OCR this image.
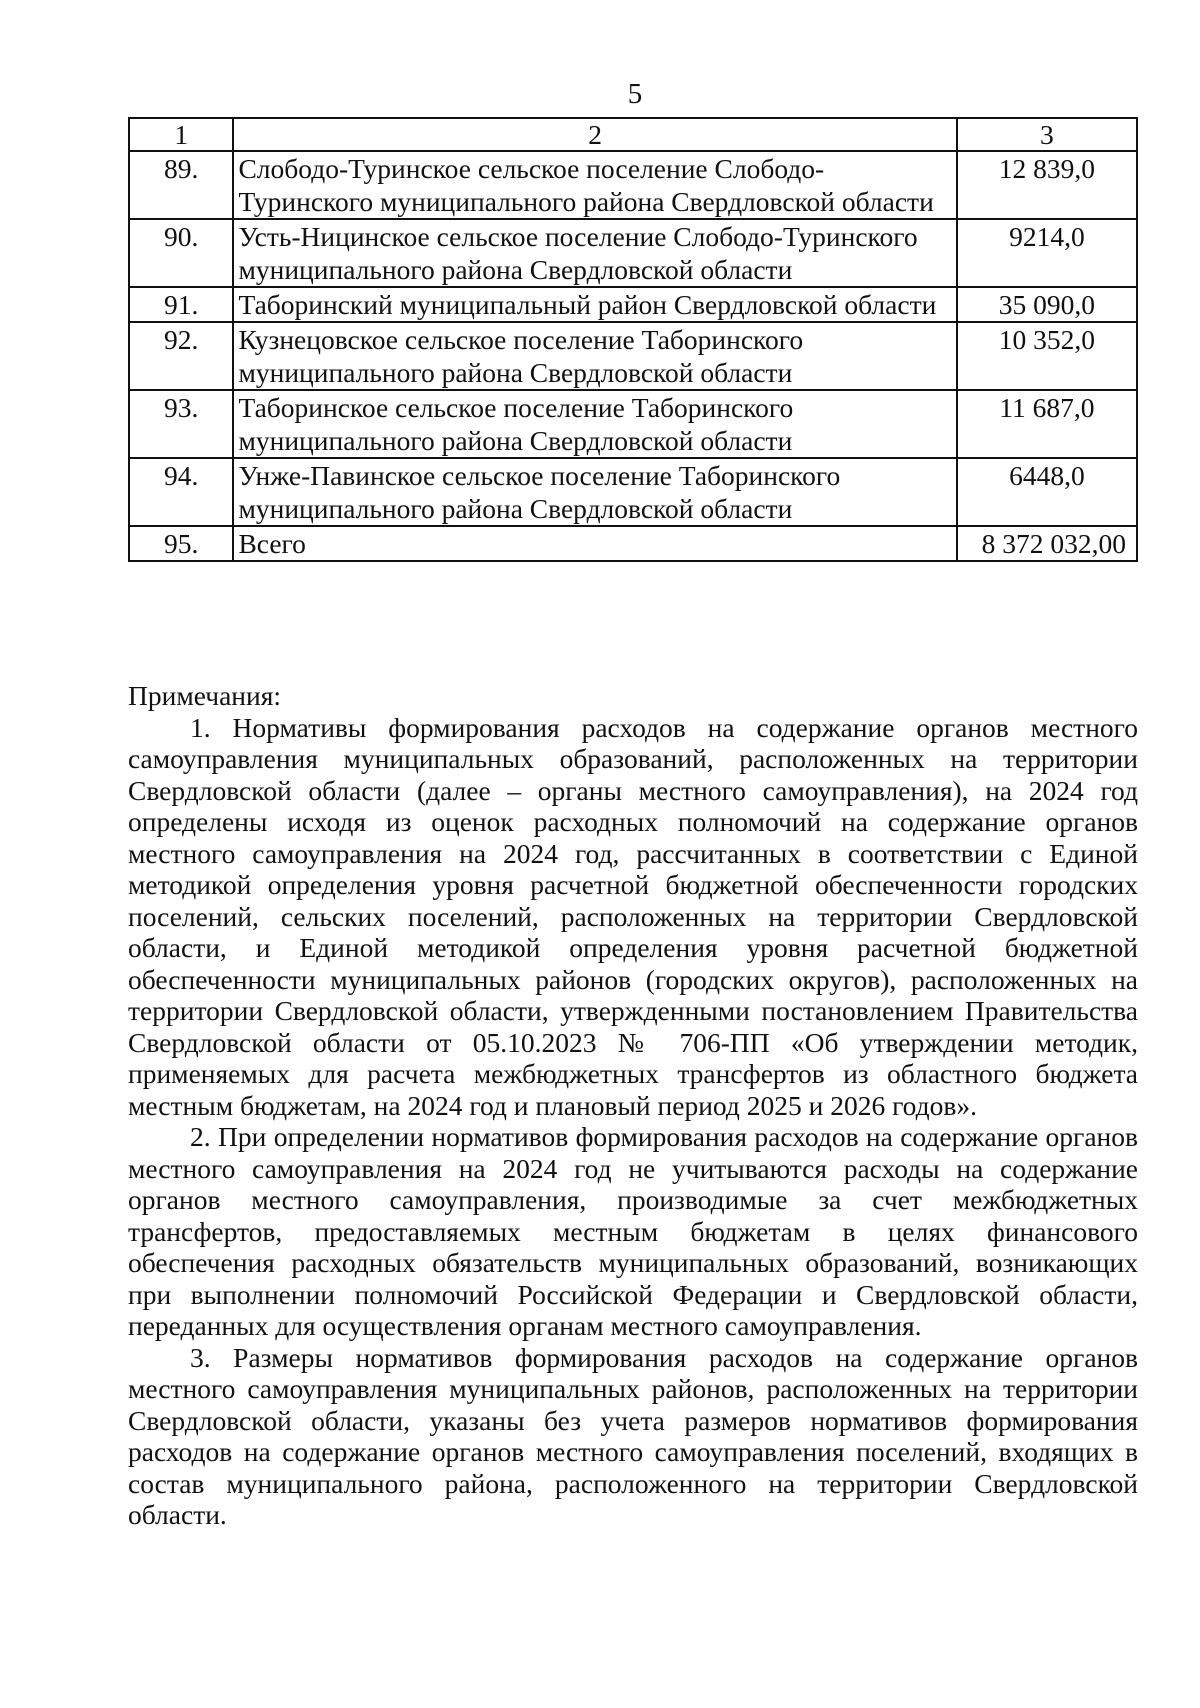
5
1	2	3
89.	Слободо-Туринское сельское поселение Слободо-Туринского муниципального района Свердловской области	12 839,0
90.	Усть-Ницинское сельское поселение Слободо-Туринского муниципального района Свердловской области	9214,0
91.	Таборинский муниципальный район Свердловской области	35 090,0
92.	Кузнецовское сельское поселение Таборинского муниципального района Свердловской области	10 352,0
93.	Таборинское сельское поселение Таборинского муниципального района Свердловской области	11 687,0
94.	Унже-Павинское сельское поселение Таборинского муниципального района Свердловской области	6448,0
95.	Всего	8 372 032,00

Примечания:

1. Нормативы формирования расходов на содержание органов местного самоуправления муниципальных образований, расположенных на территории Свердловской области (далее – органы местного самоуправления), на 2024 год определены исходя из оценок расходных полномочий на содержание органов местного самоуправления на 2024 год, рассчитанных в соответствии с Единой методикой определения уровня расчетной бюджетной обеспеченности городских поселений, сельских поселений, расположенных на территории Свердловской области, и Единой методикой определения уровня расчетной бюджетной обеспеченности муниципальных районов (городских округов), расположенных на территории Свердловской области, утвержденными постановлением Правительства Свердловской области от 05.10.2023 № 706-ПП «Об утверждении методик, применяемых для расчета межбюджетных трансфертов из областного бюджета местным бюджетам, на 2024 год и плановый период 2025 и 2026 годов».

2. При определении нормативов формирования расходов на содержание органов местного самоуправления на 2024 год не учитываются расходы на содержание органов местного самоуправления, производимые за счет межбюджетных трансфертов, предоставляемых местным бюджетам в целях финансового обеспечения расходных обязательств муниципальных образований, возникающих при выполнении полномочий Российской Федерации и Свердловской области, переданных для осуществления органам местного самоуправления.

3. Размеры нормативов формирования расходов на содержание органов местного самоуправления муниципальных районов, расположенных на территории Свердловской области, указаны без учета размеров нормативов формирования расходов на содержание органов местного самоуправления поселений, входящих в состав муниципального района, расположенного на территории Свердловской области.
